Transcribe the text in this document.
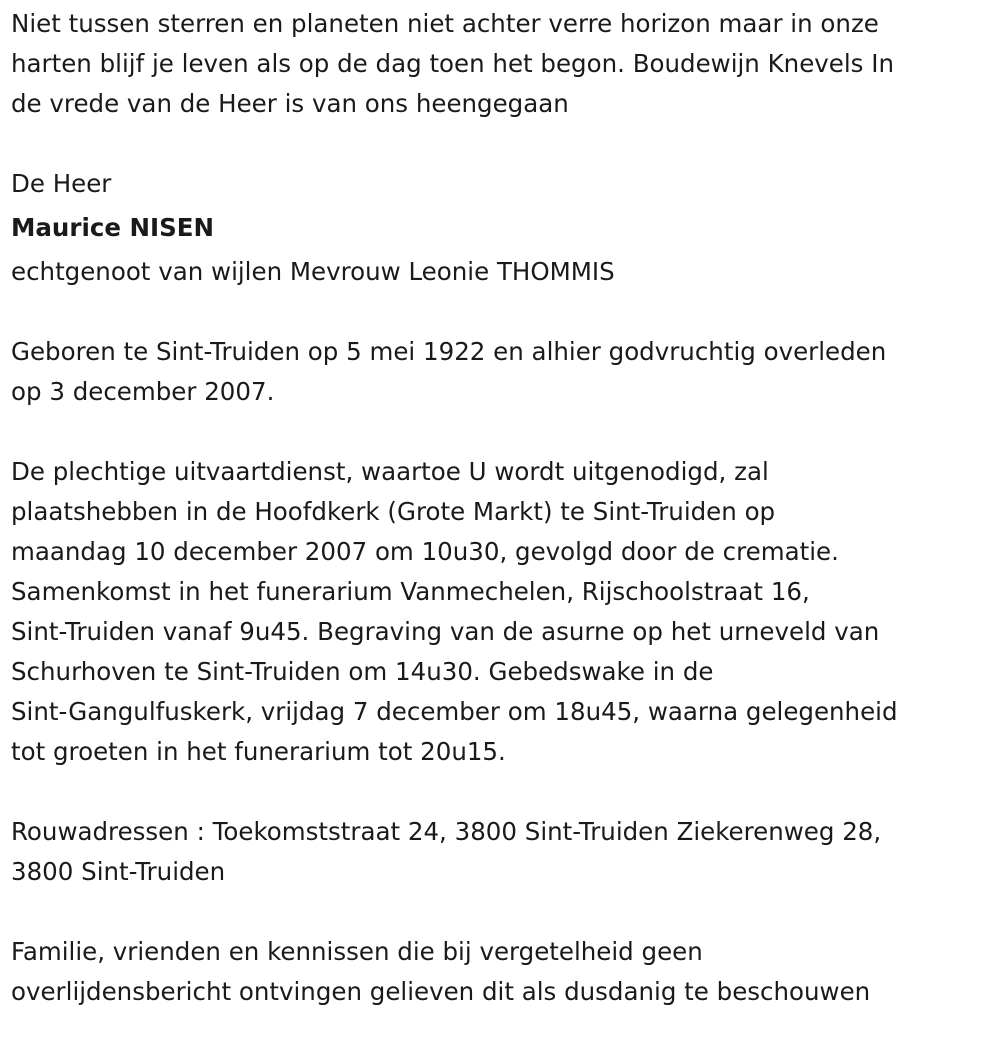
Niet tussen sterren en planeten niet achter verre horizon maar in onze

harten blijf je leven als op de dag toen het begon. Boudewijn Knevels In

de vrede van de Heer is van ons heengegaan

De Heer

Maurice NISEN

echtgenoot van wijlen Mevrouw Leonie THOMMIS

Geboren te Sint-Truiden op 5 mei 1922 en alhier godvruchtig overleden

op 3 december 2007.

De plechtige uitvaartdienst, waartoe U wordt uitgenodigd, zal

plaatshebben in de Hoofdkerk (Grote Markt) te Sint-Truiden op

maandag 10 december 2007 om 10u30, gevolgd door de crematie.

Samenkomst in het funerarium Vanmechelen, Rijschoolstraat 16,

Sint-Truiden vanaf 9u45. Begraving van de asurne op het urneveld van

Schurhoven te Sint-Truiden om 14u30. Gebedswake in de

Sint-Gangulfuskerk, vrijdag 7 december om 18u45, waarna gelegenheid

tot groeten in het funerarium tot 20u15.

Rouwadressen : Toekomststraat 24, 3800 Sint-Truiden Ziekerenweg 28,

3800 Sint-Truiden

Familie, vrienden en kennissen die bij vergetelheid geen

overlijdensbericht ontvingen gelieven dit als dusdanig te beschouwen
